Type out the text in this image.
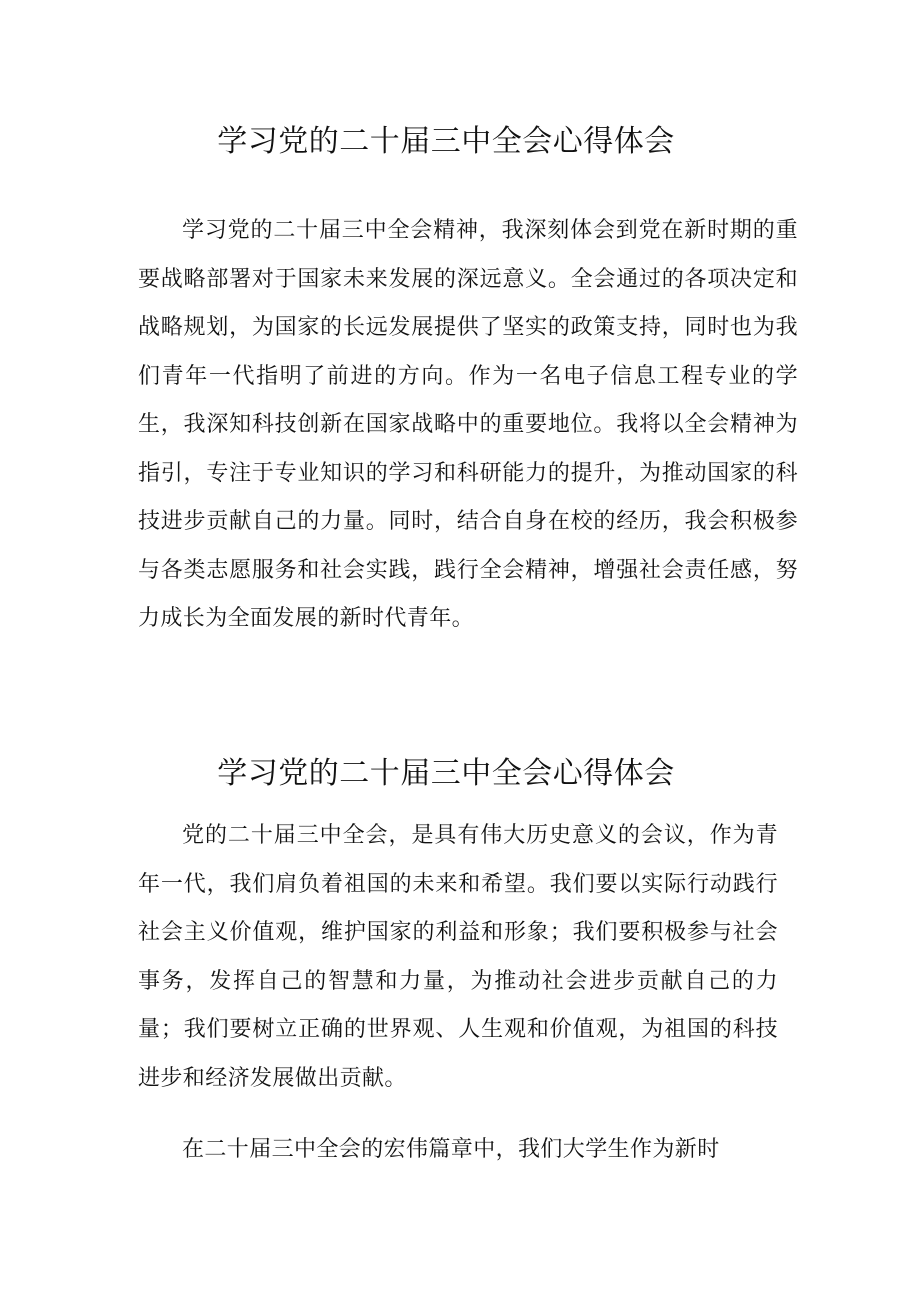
学习党的二十届三中全会心得体会

学习党的二十届三中全会精神，我深刻体会到党在新时期的重要战略部署对于国家未来发展的深远意义。全会通过的各项决定和战略规划，为国家的长远发展提供了坚实的政策支持，同时也为我们青年一代指明了前进的方向。作为一名电子信息工程专业的学生，我深知科技创新在国家战略中的重要地位。我将以全会精神为指引，专注于专业知识的学习和科研能力的提升，为推动国家的科技进步贡献自己的力量。同时，结合自身在校的经历，我会积极参与各类志愿服务和社会实践，践行全会精神，增强社会责任感，努力成长为全面发展的新时代青年。

学习党的二十届三中全会心得体会

党的二十届三中全会，是具有伟大历史意义的会议，作为青年一代，我们肩负着祖国的未来和希望。我们要以实际行动践行社会主义价值观，维护国家的利益和形象；我们要积极参与社会事务，发挥自己的智慧和力量，为推动社会进步贡献自己的力量；我们要树立正确的世界观、人生观和价值观，为祖国的科技进步和经济发展做出贡献。

在二十届三中全会的宏伟篇章中，我们大学生作为新时
